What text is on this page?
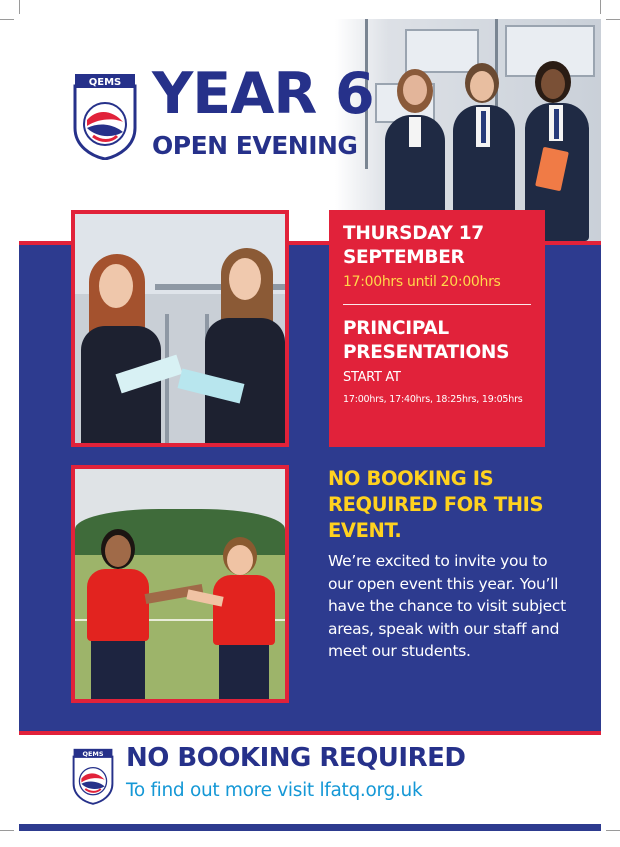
QEMS YEAR 6
OPEN EVENING

THURSDAY 17 SEPTEMBER

17:00hrs until 20:00hrs

PRINCIPAL PRESENTATIONS

START AT

17:00hrs, 17:40hrs, 18:25hrs, 19:05hrs

NO BOOKING IS REQUIRED FOR THIS EVENT.

We’re excited to invite you to our open event this year. You’ll have the chance to visit subject areas, speak with our staff and meet our students.

QEMS NO BOOKING REQUIRED

To find out more visit lfatq.org.uk
